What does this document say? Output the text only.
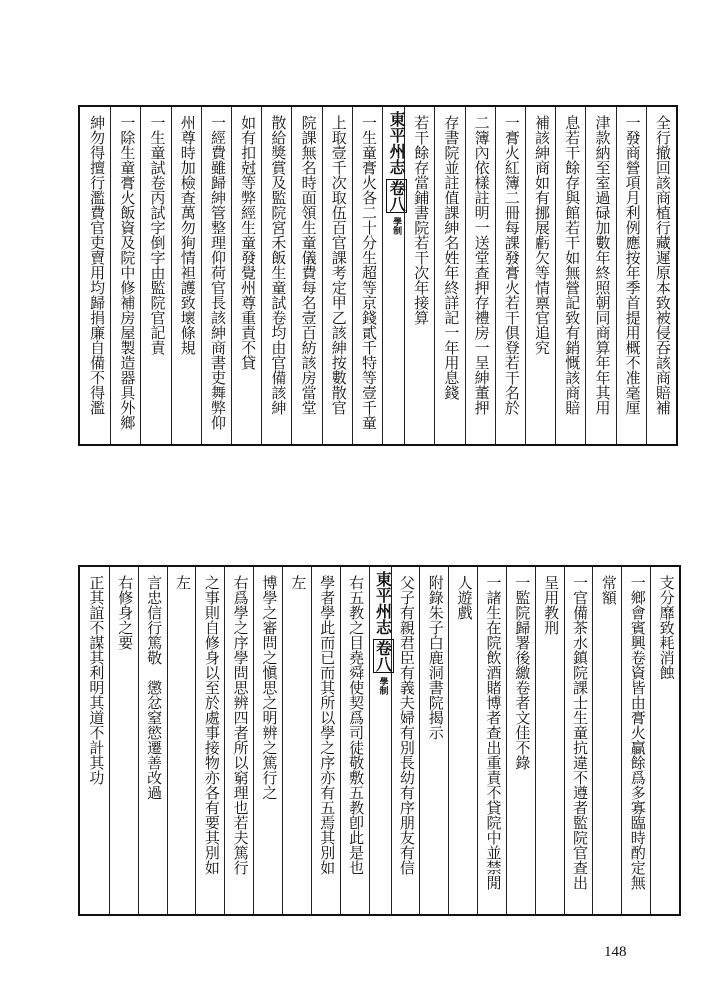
全行撤回該商植行藏遲原本致被侵吞該商賠補
一發商營項月利例應按年季首提用概不准毫厘
津款納至室過碌加數年終照朝同商算年年其用
息若干餘存與館若干如無營記致有銷慨該商賠
補該紳商如有挪展虧欠等情禀官追究
一膏火紅簿二冊每課發膏火若干俱登若干名於
二簿內依樣註明一送堂查押存禮房一呈紳董押
存書院並註值課紳名姓年終詳記一年用息錢
若干餘存當鋪書院若干次年接算
東平州志卷八學制
一生童膏火各二十分生超等京錢貳千特等壹千童
上取壹千次取伍百官課考定甲乙該紳按數散官
院課無名時面領生童儀費每名壹百紡該房當堂
散給獎賞及監院宮禾飯生童試卷均由官備該紳
如有扣尅等弊經生童發覺州尊重責不貸
一經費雖歸紳管整理仰荷官長該紳商書吏舞弊仰
州尊時加檢查萬勿狥情袒護致壞條規
一生童試卷丙試字倒字由監院官記責
一除生童膏火飯資及院中修補房屋製造器具外鄉
紳勿得擅行濫費官吏賣用均歸捐廉自備不得濫
支分靡致耗消蝕
一鄉會賓興卷資皆由膏火贏餘爲多寡臨時酌定無
常額
一官備茶水鎮院課士生童抗違不遵者監院官查出
呈用教刑
一監院歸署後繳卷者文佳不錄
一諸生在院飲酒賭博者查出重責不貸院中並禁閒
人遊戲
附錄朱子白鹿洞書院揭示
父子有親君臣有義夫婦有別長幼有序朋友有信
東平州志卷八學制
右五教之目堯舜使契爲司徒敬敷五教卽此是也
學者學此而已而其所以學之序亦有五焉其別如
左
博學之審問之愼思之明辨之篤行之
右爲學之序學問思辨四者所以窮理也若夫篤行
之事則自修身以至於處事接物亦各有要其別如
左
言忠信行篤敬　懲忿窒慾遷善改過
右修身之要
正其誼不謀其利明其道不計其功
148
